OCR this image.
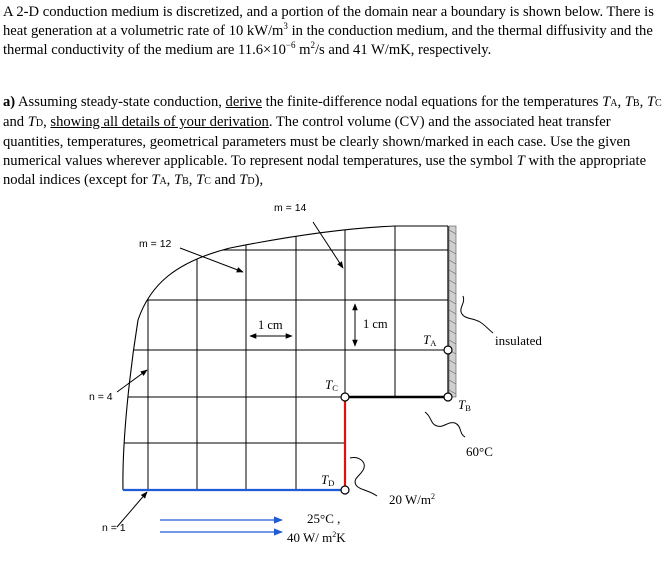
A 2-D conduction medium is discretized, and a portion of the domain near a boundary is shown below. There is heat generation at a volumetric rate of 10 $kW/m^3$ in the conduction medium, and the thermal diffusivity and the thermal conductivity of the medium are $11.6\times 10^{-6}$ $m^2/s$ and 41 W/mK, respectively.
a) Assuming steady-state conduction, derive the finite-difference nodal equations for the temperatures TA, TB, TC and TD, showing all details of your derivation. The control volume (CV) and the associated heat transfer quantities, temperatures, geometrical parameters must be clearly shown/marked in each case. Use the given numerical values wherever applicable. To represent nodal temperatures, use the symbol T with the appropriate nodal indices (except for TA, TB, TC and TD),
m = 14
m = 12
n = 4
n = 1
1 cm	1 cm
TA
TB
TC
TD
insulated
60°C
20 $W/m^2$
25°C ,
40 W/ $m^2K$
